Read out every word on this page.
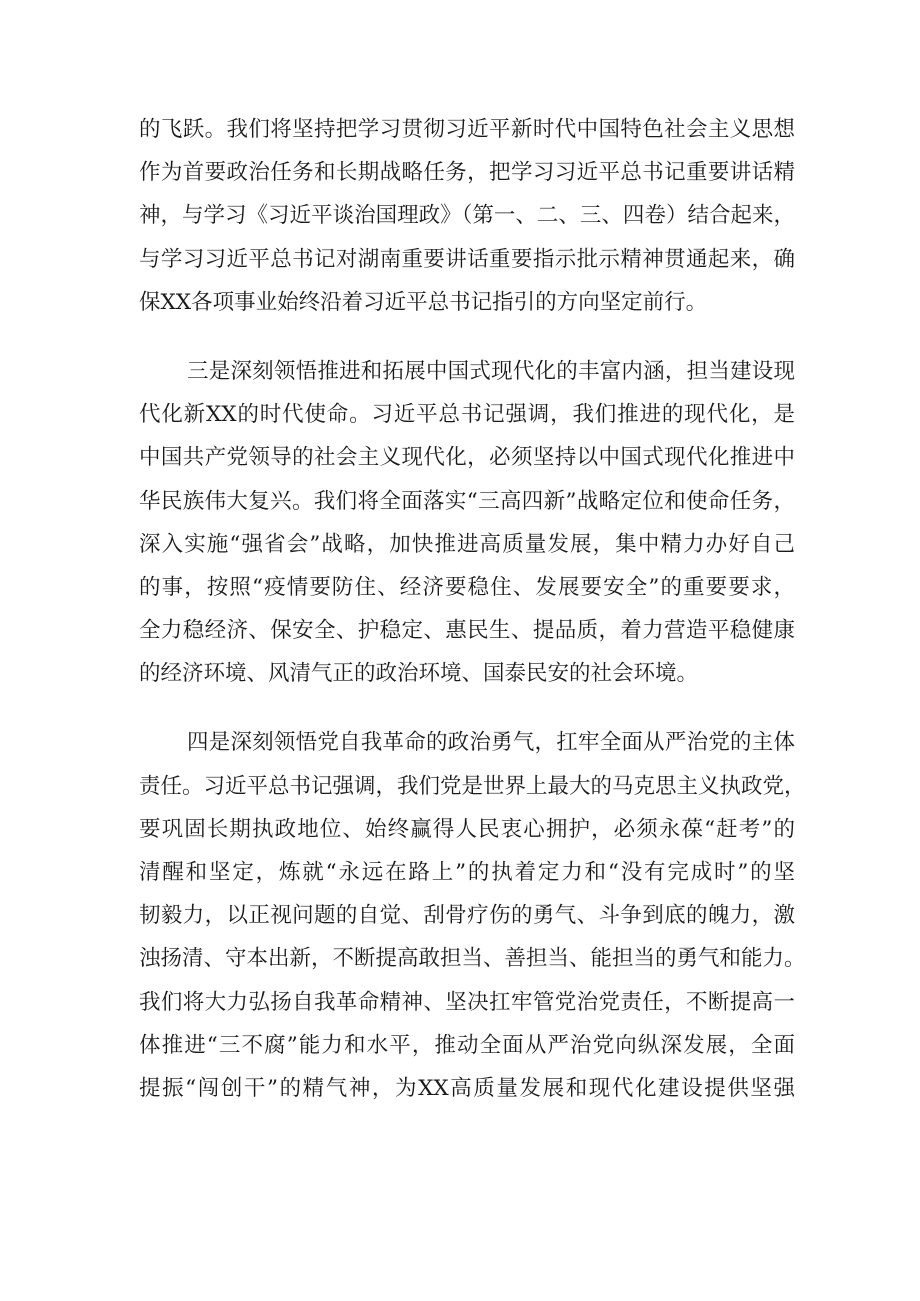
的飞跃。我们将坚持把学习贯彻习近平新时代中国特色社会主义思想
作为首要政治任务和长期战略任务，把学习习近平总书记重要讲话精
神，与学习《习近平谈治国理政》（第一、二、三、四卷）结合起来，
与学习习近平总书记对湖南重要讲话重要指示批示精神贯通起来，确
保XX各项事业始终沿着习近平总书记指引的方向坚定前行。
三是深刻领悟推进和拓展中国式现代化的丰富内涵，担当建设现
代化新XX的时代使命。习近平总书记强调，我们推进的现代化，是
中国共产党领导的社会主义现代化，必须坚持以中国式现代化推进中
华民族伟大复兴。我们将全面落实“三高四新”战略定位和使命任务，
深入实施“强省会”战略，加快推进高质量发展，集中精力办好自己
的事，按照“疫情要防住、经济要稳住、发展要安全”的重要要求，
全力稳经济、保安全、护稳定、惠民生、提品质，着力营造平稳健康
的经济环境、风清气正的政治环境、国泰民安的社会环境。
四是深刻领悟党自我革命的政治勇气，扛牢全面从严治党的主体
责任。习近平总书记强调，我们党是世界上最大的马克思主义执政党，
要巩固长期执政地位、始终赢得人民衷心拥护，必须永葆“赶考”的
清醒和坚定，炼就“永远在路上”的执着定力和“没有完成时”的坚
韧毅力，以正视问题的自觉、刮骨疗伤的勇气、斗争到底的魄力，激
浊扬清、守本出新，不断提高敢担当、善担当、能担当的勇气和能力。
我们将大力弘扬自我革命精神、坚决扛牢管党治党责任，不断提高一
体推进“三不腐”能力和水平，推动全面从严治党向纵深发展，全面
提振“闯创干”的精气神，为XX高质量发展和现代化建设提供坚强
